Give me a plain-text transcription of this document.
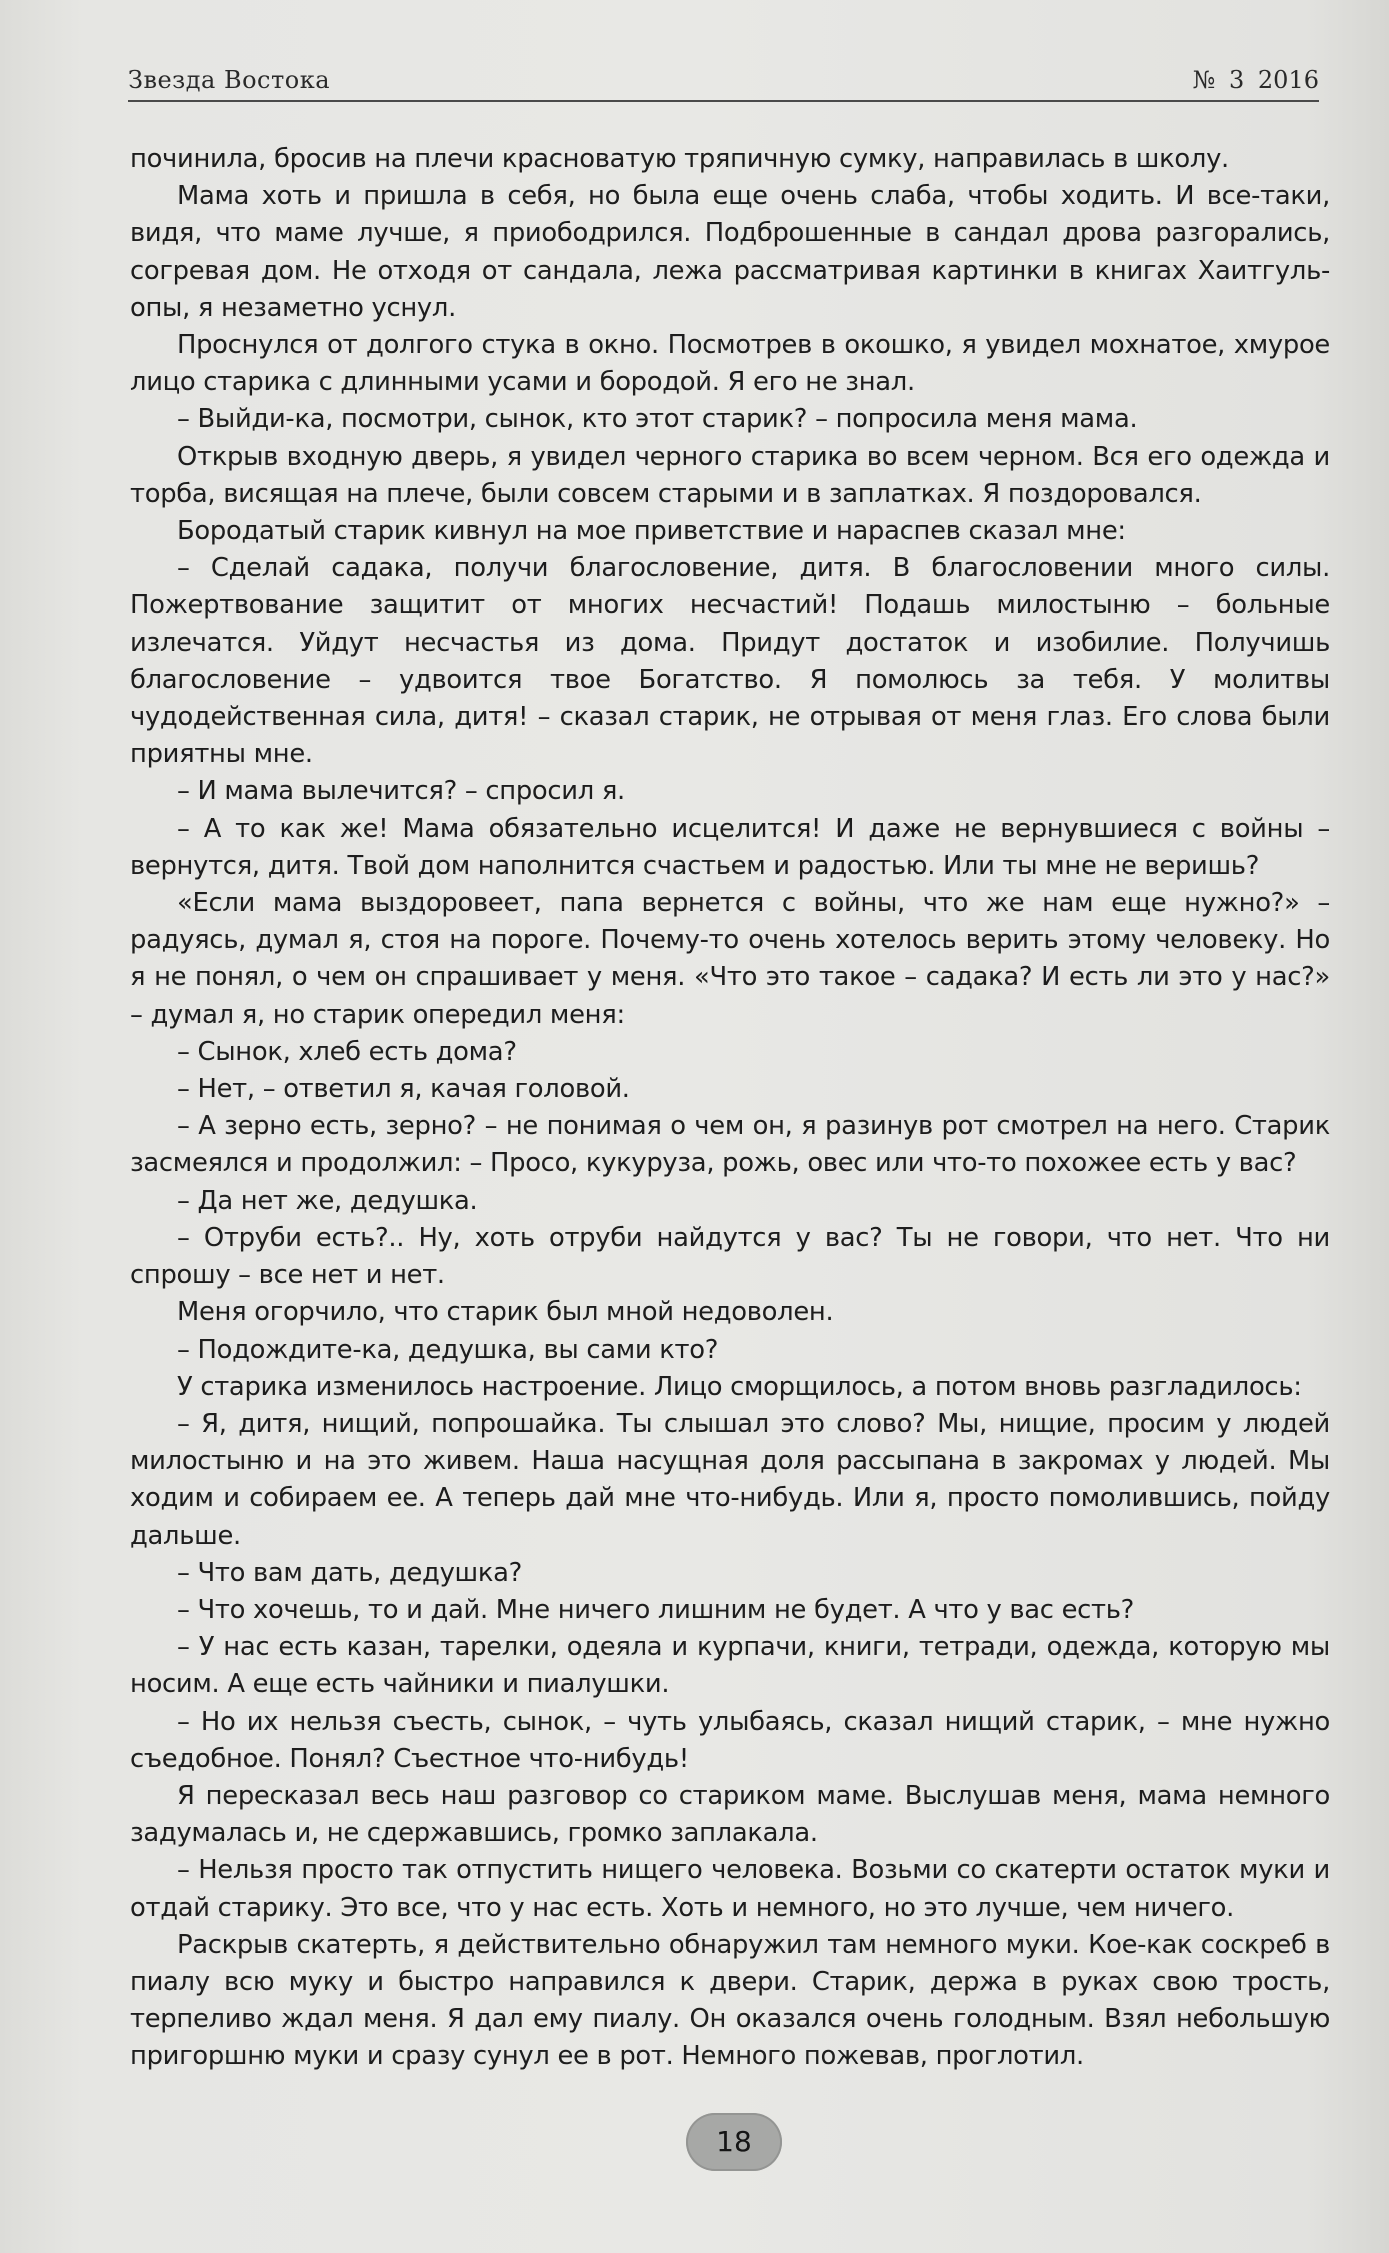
Звезда Востока	№ 3 2016

починила, бросив на плечи красноватую тряпичную сумку, направилась в школу.

Мама хоть и пришла в себя, но была еще очень слаба, чтобы ходить. И все-таки, видя, что маме лучше, я приободрился. Подброшенные в сандал дрова разгорались, согревая дом. Не отходя от сандала, лежа рассматривая картинки в книгах Хаитгуль-опы, я незаметно уснул.

Проснулся от долгого стука в окно. Посмотрев в окошко, я увидел мохнатое, хмурое лицо старика с длинными усами и бородой. Я его не знал.

– Выйди-ка, посмотри, сынок, кто этот старик? – попросила меня мама.

Открыв входную дверь, я увидел черного старика во всем черном. Вся его одежда и торба, висящая на плече, были совсем старыми и в заплатках. Я поздоровался.

Бородатый старик кивнул на мое приветствие и нараспев сказал мне:

– Сделай садака, получи благословение, дитя. В благословении много силы. Пожертвование защитит от многих несчастий! Подашь милостыню – больные излечатся. Уйдут несчастья из дома. Придут достаток и изобилие. Получишь благословение – удвоится твое Богатство. Я помолюсь за тебя. У молитвы чудодейственная сила, дитя! – сказал старик, не отрывая от меня глаз. Его слова были приятны мне.

– И мама вылечится? – спросил я.

– А то как же! Мама обязательно исцелится! И даже не вернувшиеся с войны – вернутся, дитя. Твой дом наполнится счастьем и радостью. Или ты мне не веришь?

«Если мама выздоровеет, папа вернется с войны, что же нам еще нужно?» – радуясь, думал я, стоя на пороге. Почему-то очень хотелось верить этому человеку. Но я не понял, о чем он спрашивает у меня. «Что это такое – садака? И есть ли это у нас?» – думал я, но старик опередил меня:

– Сынок, хлеб есть дома?

– Нет, – ответил я, качая головой.

– А зерно есть, зерно? – не понимая о чем он, я разинув рот смотрел на него. Старик засмеялся и продолжил: – Просо, кукуруза, рожь, овес или что-то похожее есть у вас?

– Да нет же, дедушка.

– Отруби есть?.. Ну, хоть отруби найдутся у вас? Ты не говори, что нет. Что ни спрошу – все нет и нет.

Меня огорчило, что старик был мной недоволен.

– Подождите-ка, дедушка, вы сами кто?

У старика изменилось настроение. Лицо сморщилось, а потом вновь разгладилось:

– Я, дитя, нищий, попрошайка. Ты слышал это слово? Мы, нищие, просим у людей милостыню и на это живем. Наша насущная доля рассыпана в закромах у людей. Мы ходим и собираем ее. А теперь дай мне что-нибудь. Или я, просто помолившись, пойду дальше.

– Что вам дать, дедушка?

– Что хочешь, то и дай. Мне ничего лишним не будет. А что у вас есть?

– У нас есть казан, тарелки, одеяла и курпачи, книги, тетради, одежда, которую мы носим. А еще есть чайники и пиалушки.

– Но их нельзя съесть, сынок, – чуть улыбаясь, сказал нищий старик, – мне нужно съедобное. Понял? Съестное что-нибудь!

Я пересказал весь наш разговор со стариком маме. Выслушав меня, мама немного задумалась и, не сдержавшись, громко заплакала.

– Нельзя просто так отпустить нищего человека. Возьми со скатерти остаток муки и отдай старику. Это все, что у нас есть. Хоть и немного, но это лучше, чем ничего.

Раскрыв скатерть, я действительно обнаружил там немного муки. Кое-как соскреб в пиалу всю муку и быстро направился к двери. Старик, держа в руках свою трость, терпеливо ждал меня. Я дал ему пиалу. Он оказался очень голодным. Взял небольшую пригоршню муки и сразу сунул ее в рот. Немного пожевав, проглотил.

18
